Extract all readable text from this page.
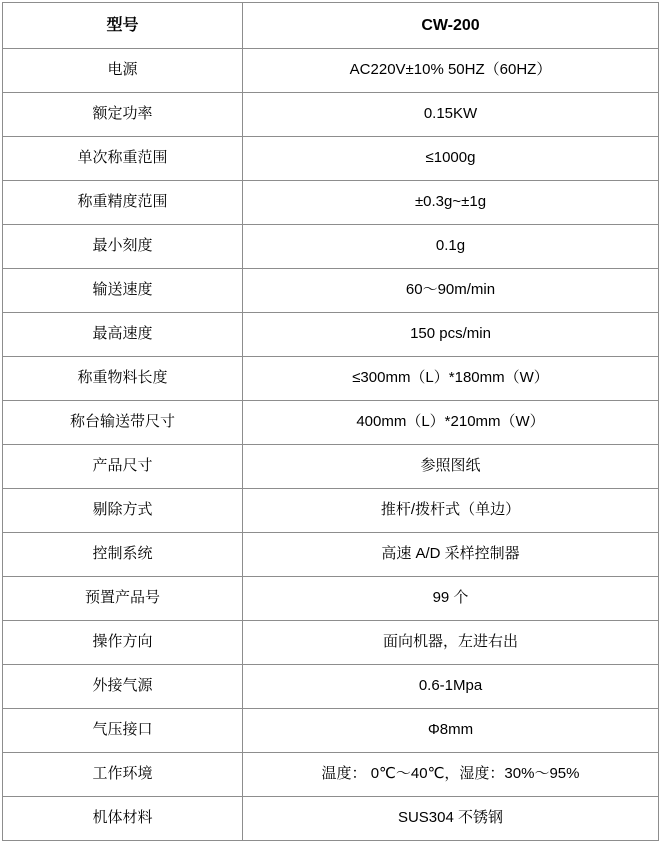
型号	CW-200
电源	AC220V±10% 50HZ（60HZ）
额定功率	0.15KW
单次称重范围	≤1000g
称重精度范围	±0.3g~±1g
最小刻度	0.1g
输送速度	60～90m/min
最高速度	150 pcs/min
称重物料长度	≤300mm（L）*180mm（W）
称台输送带尺寸	400mm（L）*210mm（W）
产品尺寸	参照图纸
剔除方式	推杆/拨杆式（单边）
控制系统	高速 A/D 采样控制器
预置产品号	99 个
操作方向	面向机器，左进右出
外接气源	0.6-1Mpa
气压接口	Φ8mm
工作环境	温度： 0℃～40℃，湿度：30%～95%
机体材料	SUS304 不锈钢
